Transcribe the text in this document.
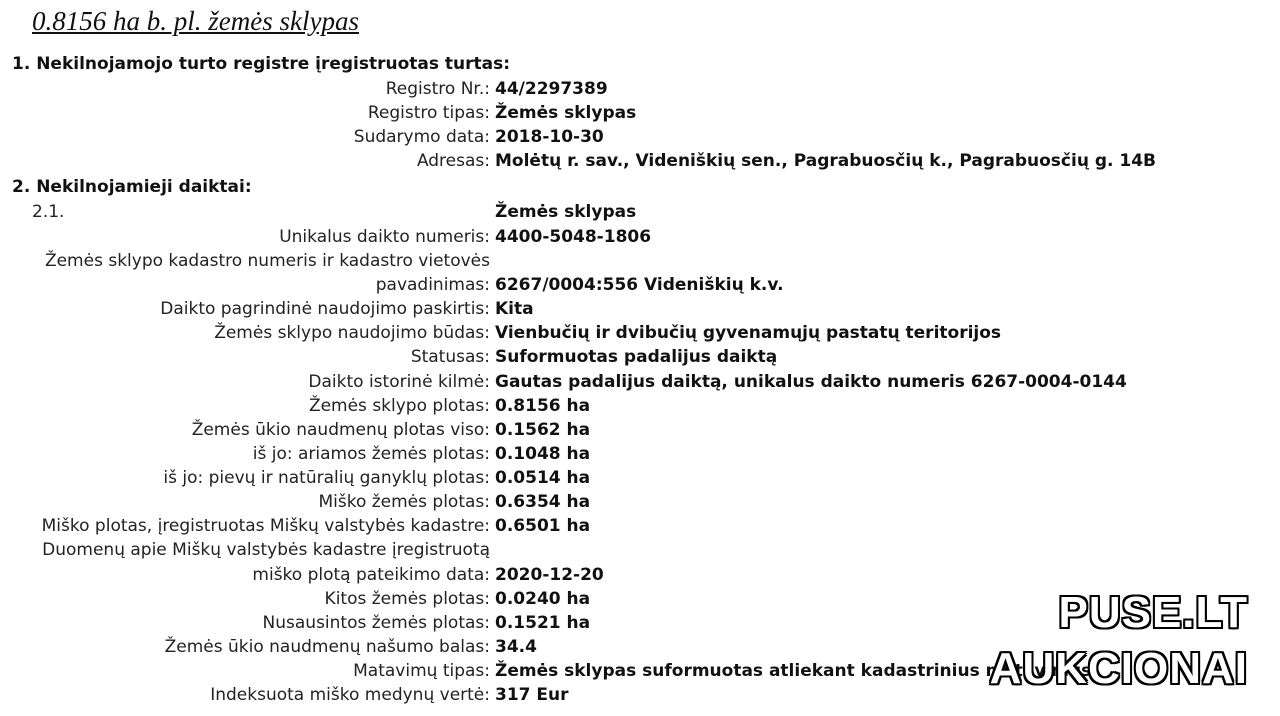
0.8156 ha b. pl. žemės sklypas
1. Nekilnojamojo turto registre įregistruotas turtas:
Registro Nr.: 44/2297389
Registro tipas: Žemės sklypas
Sudarymo data: 2018-10-30
Adresas: Molėtų r. sav., Videniškių sen., Pagrabuosčių k., Pagrabuosčių g. 14B
2. Nekilnojamieji daiktai:
2.1.	Žemės sklypas
Unikalus daikto numeris: 4400-5048-1806
Žemės sklypo kadastro numeris ir kadastro vietovės
pavadinimas: 6267/0004:556 Videniškių k.v.
Daikto pagrindinė naudojimo paskirtis: Kita
Žemės sklypo naudojimo būdas: Vienbučių ir dvibučių gyvenamųjų pastatų teritorijos
Statusas: Suformuotas padalijus daiktą
Daikto istorinė kilmė: Gautas padalijus daiktą, unikalus daikto numeris 6267-0004-0144
Žemės sklypo plotas: 0.8156 ha
Žemės ūkio naudmenų plotas viso: 0.1562 ha
iš jo: ariamos žemės plotas: 0.1048 ha
iš jo: pievų ir natūralių ganyklų plotas: 0.0514 ha
Miško žemės plotas: 0.6354 ha
Miško plotas, įregistruotas Miškų valstybės kadastre: 0.6501 ha
Duomenų apie Miškų valstybės kadastre įregistruotą
miško plotą pateikimo data: 2020-12-20
Kitos žemės plotas: 0.0240 ha
Nusausintos žemės plotas: 0.1521 ha
Žemės ūkio naudmenų našumo balas: 34.4
Matavimų tipas: Žemės sklypas suformuotas atliekant kadastrinius matavimus
Indeksuota miško medynų vertė: 317 Eur
PUSE.LT
AUKCIONAI
